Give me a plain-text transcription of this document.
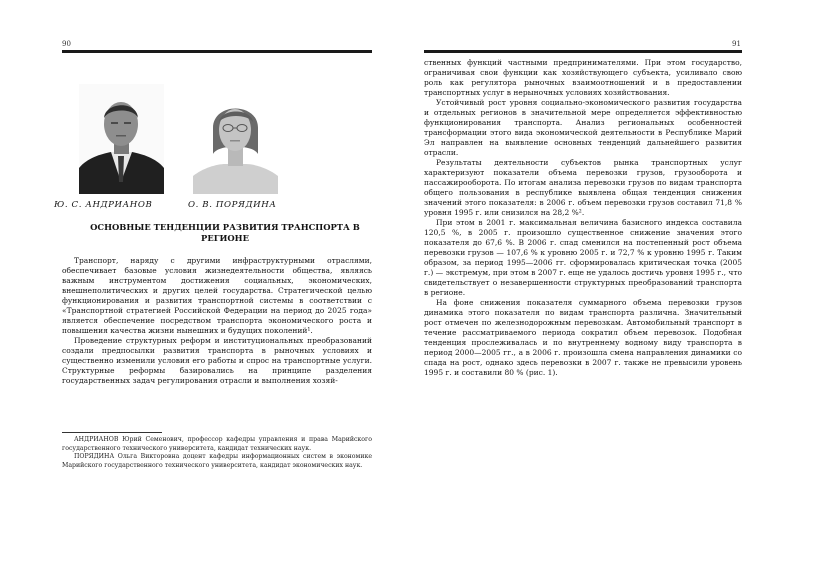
90
Ю. С. АНДРИАНОВ	О. В. ПОРЯДИНА
ОСНОВНЫЕ ТЕНДЕНЦИИ РАЗВИТИЯ ТРАНСПОРТА В РЕГИОНЕ

Транспорт, наряду с другими инфраструктурными отраслями, обеспечивает базовые условия жизнедеятельности общества, являясь важным инструментом достижения социальных, экономических, внешнеполитических и других целей государства. Стратегической целью функционирования и развития транспортной системы в соответствии с «Транспортной стратегией Российской Федерации на период до 2025 года» является обеспечение посредством транспорта экономического роста и повышения качества жизни нынешних и будущих поколений¹.

Проведение структурных реформ и институциональных преобразований создали предпосылки развития транспорта в рыночных условиях и существенно изменили условия его работы и спрос на транспортные услуги. Структурные реформы базировались на принципе разделения государственных задач регулирования отрасли и выполнения хозяй-

АНДРИАНОВ Юрий Семенович, профессор кафедры управления и права Марийского государственного технического университета, кандидат технических наук.

ПОРЯДИНА Ольга Викторовна доцент кафедры информационных систем в экономике Марийского государственного технического университета, кандидат экономических наук.

91

ственных функций частными предпринимателями. При этом государство, ограничивая свои функции как хозяйствующего субъекта, усиливало свою роль как регулятора рыночных взаимоотношений и в предоставлении транспортных услуг в нерыночных условиях хозяйствования.

Устойчивый рост уровня социально-экономического развития государства и отдельных регионов в значительной мере определяется эффективностью функционирования транспорта. Анализ региональных особенностей трансформации этого вида экономической деятельности в Республике Марий Эл направлен на выявление основных тенденций дальнейшего развития отрасли.

Результаты деятельности субъектов рынка транспортных услуг характеризуют показатели объема перевозки грузов, грузооборота и пассажирооборота. По итогам анализа перевозки грузов по видам транспорта общего пользования в республике выявлена общая тенденция снижения значений этого показателя: в 2006 г. объем перевозки грузов составил 71,8 % уровня 1995 г. или снизился на 28,2 %².

При этом в 2001 г. максимальная величина базисного индекса составила 120,5 %, в 2005 г. произошло существенное снижение значения этого показателя до 67,6 %. В 2006 г. спад сменился на постепенный рост объема перевозки грузов — 107,6 % к уровню 2005 г. и 72,7 % к уровню 1995 г. Таким образом, за период 1995—2006 гг. сформировалась критическая точка (2005 г.) — экстремум, при этом в 2007 г. еще не удалось достичь уровня 1995 г., что свидетельствует о незавершенности структурных преобразований транспорта в регионе.

На фоне снижения показателя суммарного объема перевозки грузов динамика этого показателя по видам транспорта различна. Значительный рост отмечен по железнодорожным перевозкам. Автомобильный транспорт в течение рассматриваемого периода сократил объем перевозок. Подобная тенденция прослеживалась и по внутреннему водному виду транспорта в период 2000—2005 гг., а в 2006 г. произошла смена направления динамики со спада на рост, однако здесь перевозки в 2007 г. также не превысили уровень 1995 г. и составили 80 % (рис. 1).
